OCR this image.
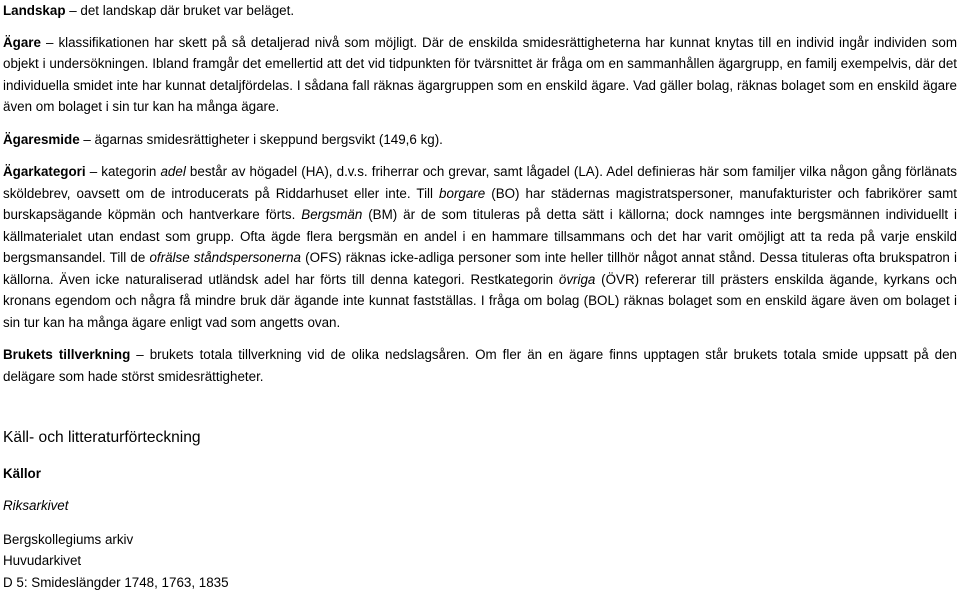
Landskap – det landskap där bruket var beläget.

Ägare – klassifikationen har skett på så detaljerad nivå som möjligt. Där de enskilda smidesrättigheterna har kunnat knytas till en individ ingår individen som objekt i undersökningen. Ibland framgår det emellertid att det vid tidpunkten för tvärsnittet är fråga om en sammanhållen ägargrupp, en familj exempelvis, där det individuella smidet inte har kunnat detaljfördelas. I sådana fall räknas ägargruppen som en enskild ägare. Vad gäller bolag, räknas bolaget som en enskild ägare även om bolaget i sin tur kan ha många ägare.

Ägaresmide – ägarnas smidesrättigheter i skeppund bergsvikt (149,6 kg).

Ägarkategori – kategorin adel består av högadel (HA), d.v.s. friherrar och grevar, samt lågadel (LA). Adel definieras här som familjer vilka någon gång förlänats sköldebrev, oavsett om de introducerats på Riddarhuset eller inte. Till borgare (BO) har städernas magistratspersoner, manufakturister och fabrikörer samt burskapsägande köpmän och hantverkare förts. Bergsmän (BM) är de som tituleras på detta sätt i källorna; dock namnges inte bergsmännen individuellt i källmaterialet utan endast som grupp. Ofta ägde flera bergsmän en andel i en hammare tillsammans och det har varit omöjligt att ta reda på varje enskild bergsmansandel. Till de ofrälse ståndspersonerna (OFS) räknas icke-adliga personer som inte heller tillhör något annat stånd. Dessa tituleras ofta brukspatron i källorna. Även icke naturaliserad utländsk adel har förts till denna kategori. Restkategorin övriga (ÖVR) refererar till prästers enskilda ägande, kyrkans och kronans egendom och några få mindre bruk där ägande inte kunnat fastställas. I fråga om bolag (BOL) räknas bolaget som en enskild ägare även om bolaget i sin tur kan ha många ägare enligt vad som angetts ovan.

Brukets tillverkning – brukets totala tillverkning vid de olika nedslagsåren. Om fler än en ägare finns upptagen står brukets totala smide uppsatt på den delägare som hade störst smidesrättigheter.

Käll- och litteraturförteckning

Källor

Riksarkivet

Bergskollegiums arkiv
Huvudarkivet
D 5: Smideslängder 1748, 1763, 1835
